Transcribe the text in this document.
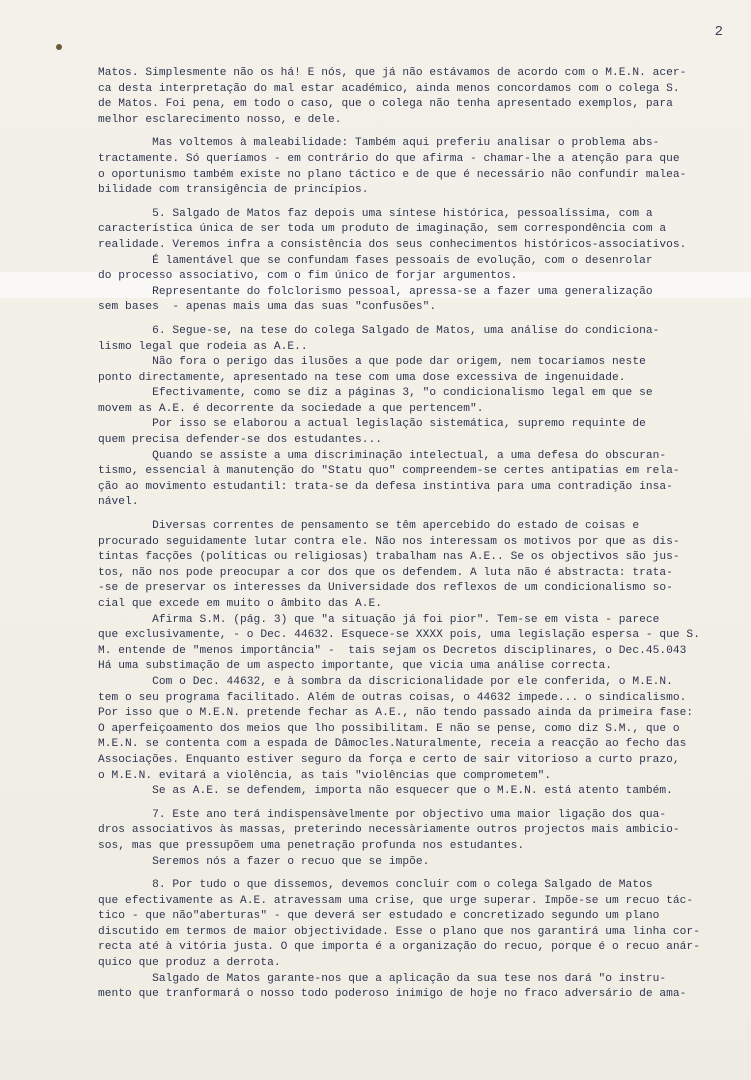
2
Matos. Simplesmente não os há! E nós, que já não estávamos de acordo com o M.E.N. acer-
ca desta interpretação do mal estar académico, ainda menos concordamos com o colega S.
de Matos. Foi pena, em todo o caso, que o colega não tenha apresentado exemplos, para
melhor esclarecimento nosso, e dele.
Mas voltemos à maleabilidade: Também aqui preferiu analisar o problema abs-
tractamente. Só queríamos - em contrário do que afirma - chamar-lhe a atenção para que
o oportunismo também existe no plano táctico e de que é necessário não confundir malea-
bilidade com transigência de princípios.
5. Salgado de Matos faz depois uma síntese histórica, pessoalíssima, com a
característica única de ser toda um produto de imaginação, sem correspondência com a
realidade. Veremos infra a consistência dos seus conhecimentos históricos-associativos.
É lamentável que se confundam fases pessoais de evolução, com o desenrolar
do processo associativo, com o fim único de forjar argumentos.
Representante do folclorismo pessoal, apressa-se a fazer uma generalização
sem bases  - apenas mais uma das suas "confusões".
6. Segue-se, na tese do colega Salgado de Matos, uma análise do condiciona-
lismo legal que rodeia as A.E..
Não fora o perigo das ilusões a que pode dar origem, nem tocaríamos neste
ponto directamente, apresentado na tese com uma dose excessiva de ingenuidade.
Efectivamente, como se diz a páginas 3, "o condicionalismo legal em que se
movem as A.E. é decorrente da sociedade a que pertencem".
Por isso se elaborou a actual legislação sistemática, supremo requinte de
quem precisa defender-se dos estudantes...
Quando se assiste a uma discriminação intelectual, a uma defesa do obscuran-
tismo, essencial à manutenção do "Statu quo" compreendem-se certes antipatias em rela-
ção ao movimento estudantil: trata-se da defesa instintiva para uma contradição insa-
nável.
Diversas correntes de pensamento se têm apercebido do estado de coisas e
procurado seguidamente lutar contra ele. Não nos interessam os motivos por que as dis-
tintas facções (políticas ou religiosas) trabalham nas A.E.. Se os objectivos são jus-
tos, não nos pode preocupar a cor dos que os defendem. A luta não é abstracta: trata-
-se de preservar os interesses da Universidade dos reflexos de um condicionalismo so-
cial que excede em muito o âmbito das A.E.
Afirma S.M. (pág. 3) que "a situação já foi pior". Tem-se em vista - parece
que exclusivamente, - o Dec. 44632. Esquece-se XXXX pois, uma legislação espersa - que S.
M. entende de "menos importância" -  tais sejam os Decretos disciplinares, o Dec.45.043
Há uma substimação de um aspecto importante, que vicia uma análise correcta.
Com o Dec. 44632, e à sombra da discricionalidade por ele conferida, o M.E.N.
tem o seu programa facilitado. Além de outras coisas, o 44632 impede... o sindicalismo.
Por isso que o M.E.N. pretende fechar as A.E., não tendo passado ainda da primeira fase:
O aperfeiçoamento dos meios que lho possibilitam. E não se pense, como diz S.M., que o
M.E.N. se contenta com a espada de Dâmocles.Naturalmente, receia a reacção ao fecho das
Associações. Enquanto estiver seguro da força e certo de sair vitorioso a curto prazo,
o M.E.N. evitará a violência, as tais "violências que comprometem".
Se as A.E. se defendem, importa não esquecer que o M.E.N. está atento também.
7. Este ano terá indispensàvelmente por objectivo uma maior ligação dos qua-
dros associativos às massas, preterindo necessàriamente outros projectos mais ambicio-
sos, mas que pressupõem uma penetração profunda nos estudantes.
Seremos nós a fazer o recuo que se impõe.
8. Por tudo o que dissemos, devemos concluir com o colega Salgado de Matos
que efectivamente as A.E. atravessam uma crise, que urge superar. Impõe-se um recuo tác-
tico - que não"aberturas" - que deverá ser estudado e concretizado segundo um plano
discutido em termos de maior objectividade. Esse o plano que nos garantirá uma linha cor-
recta até à vitória justa. O que importa é a organização do recuo, porque é o recuo anár-
quico que produz a derrota.
Salgado de Matos garante-nos que a aplicação da sua tese nos dará "o instru-
mento que tranformará o nosso todo poderoso inimigo de hoje no fraco adversário de ama-
